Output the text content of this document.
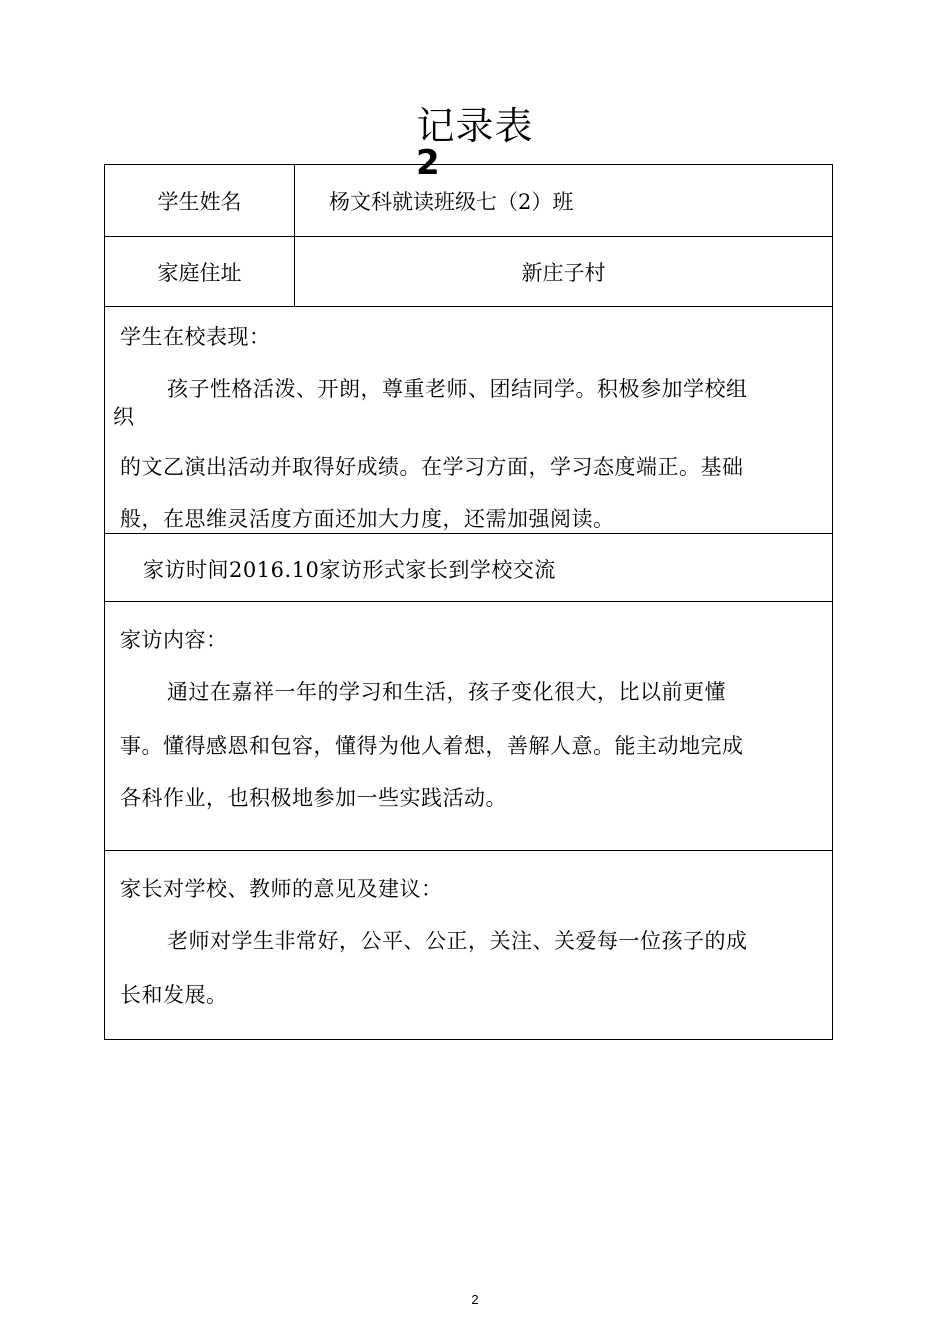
记录表
2
学生姓名	杨文科就读班级七（2）班
家庭住址	新庄子村
学生在校表现：
孩子性格活泼、开朗，尊重老师、团结同学。积极参加学校组
织
的文乙演出活动并取得好成绩。在学习方面，学习态度端正。基础
般，在思维灵活度方面还加大力度，还需加强阅读。
家访时间2016.10家访形式家长到学校交流
家访内容：
通过在嘉祥一年的学习和生活，孩子变化很大，比以前更懂
事。懂得感恩和包容，懂得为他人着想，善解人意。能主动地完成
各科作业，也积极地参加一些实践活动。
家长对学校、教师的意见及建议：
老师对学生非常好，公平、公正，关注、关爱每一位孩子的成
长和发展。
2
